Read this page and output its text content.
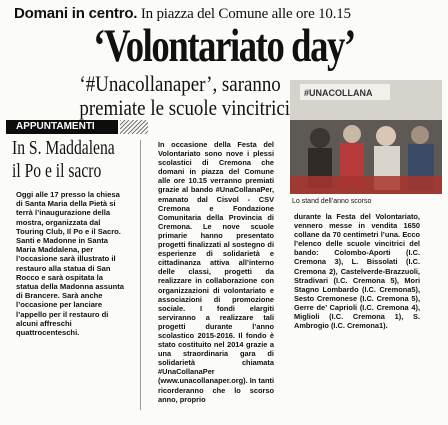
Domani in centro. In piazza del Comune alle ore 10.15
‘Volontariato day’
‘#Unacollanaper’, saranno
premiate le scuole vincitrici
#UNACOLLANA
Lo stand dell’anno scorso
APPUNTAMENTI
In S. Maddalena
il Po e il sacro
Oggi alle 17 presso la chiesa di Santa Maria della Pietà si terrà l’inaugurazione della mostra, organizzata dal Touring Club, Il Po e il Sacro. Santi e Madonne in Santa Maria Maddalena, per l’occasione sarà illustrato il restauro alla statua di San Rocco e sarà ospitata la statua della Madonna assunta di Brancere. Sarà anche l’occasione per lanciare l’appello per il restauro di alcuni affreschi quattrocenteschi.
In occasione della Festa del Volontariato sono nove i plessi scolastici di Cremona che domani in piazza del Comune alle ore 10.15 verranno premiati grazie al bando #UnaCollanaPer, emanato dal Cisvol - CSV Cremona e Fondazione Comunitaria della Provincia di Cremona. Le nove scuole primarie hanno presentato progetti finalizzati al sostegno di esperienze di solidarietà e cittadinanza attiva all’interno delle classi, progetti da realizzare in collaborazione con organizzazioni di volontariato e associazioni di promozione sociale. I fondi elargiti serviranno a realizzare tali progetti durante l’anno scolastico 2015-2016. Il fondo è stato costituito nel 2014 grazie a una straordinaria gara di solidarietà chiamata #UnaCollanaPer (www.unacollanaper.org). In tanti ricorderanno che lo scorso anno, proprio
durante la Festa del Volontariato, vennero messe in vendita 1650 collane da 70 centimetri l’una. Ecco l’elenco delle scuole vincitrici del bando: Colombo-Aporti (I.C. Cremona 3), L. Bissolati (I.C. Cremona 2), Castelverde-Brazzuoli, Stradivari (I.C. Cremona 5), Mori Stagno Lombardo (I.C. Cremona5), Sesto Cremonese (I.C. Cremona 5), Gerre de’ Caprioli (I.C. Cremona 4), Miglioli (I.C. Cremona 1), S. Ambrogio (I.C. Cremona1).
